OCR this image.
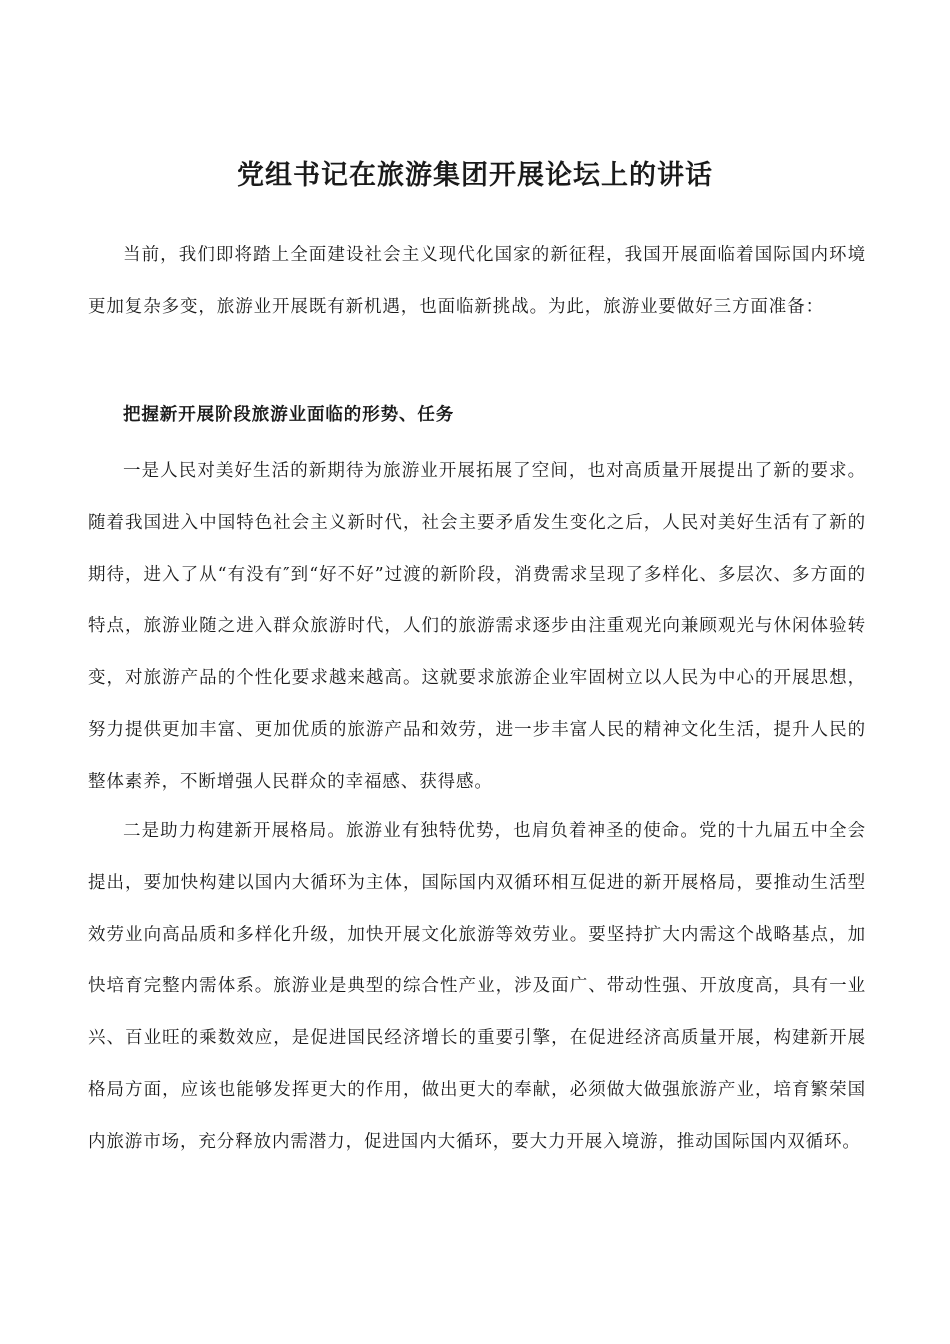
党组书记在旅游集团开展论坛上的讲话

当前，我们即将踏上全面建设社会主义现代化国家的新征程，我国开展面临着国际国内环境更加复杂多变，旅游业开展既有新机遇，也面临新挑战。为此，旅游业要做好三方面准备：

把握新开展阶段旅游业面临的形势、任务

一是人民对美好生活的新期待为旅游业开展拓展了空间，也对高质量开展提出了新的要求。随着我国进入中国特色社会主义新时代，社会主要矛盾发生变化之后，人民对美好生活有了新的期待，进入了从“有没有″到“好不好”过渡的新阶段，消费需求呈现了多样化、多层次、多方面的特点，旅游业随之进入群众旅游时代，人们的旅游需求逐步由注重观光向兼顾观光与休闲体验转变，对旅游产品的个性化要求越来越高。这就要求旅游企业牢固树立以人民为中心的开展思想，努力提供更加丰富、更加优质的旅游产品和效劳，进一步丰富人民的精神文化生活，提升人民的整体素养，不断增强人民群众的幸福感、获得感。

二是助力构建新开展格局。旅游业有独特优势，也肩负着神圣的使命。党的十九届五中全会提出，要加快构建以国内大循环为主体，国际国内双循环相互促进的新开展格局，要推动生活型效劳业向高品质和多样化升级，加快开展文化旅游等效劳业。要坚持扩大内需这个战略基点，加快培育完整内需体系。旅游业是典型的综合性产业，涉及面广、带动性强、开放度高，具有一业兴、百业旺的乘数效应，是促进国民经济增长的重要引擎，在促进经济高质量开展，构建新开展格局方面，应该也能够发挥更大的作用，做出更大的奉献，必须做大做强旅游产业，培育繁荣国内旅游市场，充分释放内需潜力，促进国内大循环，要大力开展入境游，推动国际国内双循环。
